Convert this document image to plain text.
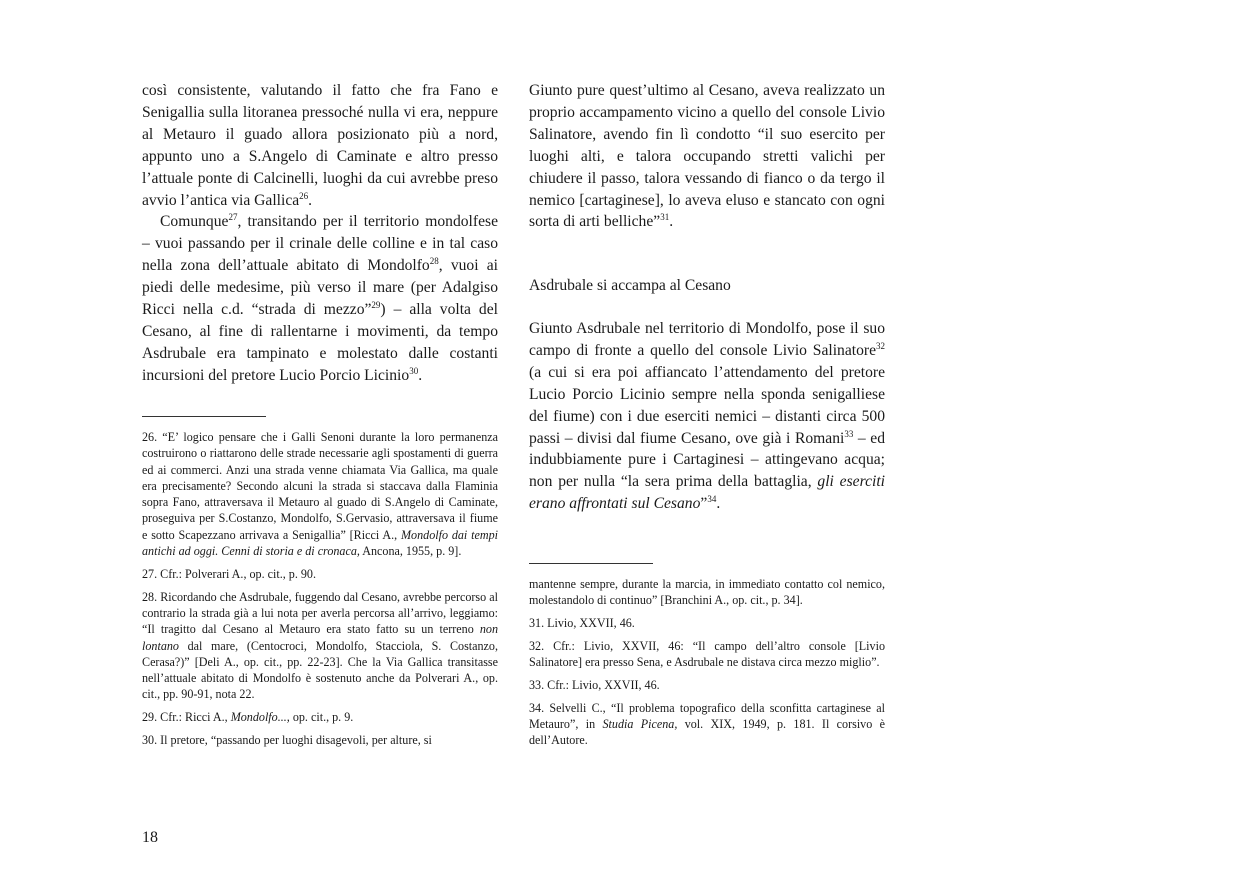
così consistente, valutando il fatto che fra Fano e Senigallia sulla litoranea pressoché nulla vi era, neppure al Metauro il guado allora posizionato più a nord, appunto uno a S.Angelo di Caminate e altro presso l’attuale ponte di Calcinelli, luoghi da cui avrebbe preso avvio l’antica via Gallica$^{26}$.

Comunque$^{27}$, transitando per il territorio mondolfese – vuoi passando per il crinale delle colline e in tal caso nella zona dell’attuale abitato di Mondolfo$^{28}$, vuoi ai piedi delle medesime, più verso il mare (per Adalgiso Ricci nella c.d. “strada di mezzo”$^{29}$) – alla volta del Cesano, al fine di rallentarne i movimenti, da tempo Asdrubale era tampinato e molestato dalle costanti incursioni del pretore Lucio Porcio Licinio$^{30}$.

26. “E’ logico pensare che i Galli Senoni durante la loro permanenza costruirono o riattarono delle strade necessarie agli spostamenti di guerra ed ai commerci. Anzi una strada venne chiamata Via Gallica, ma quale era precisamente? Secondo alcuni la strada si staccava dalla Flaminia sopra Fano, attraversava il Metauro al guado di S.Angelo di Caminate, proseguiva per S.Costanzo, Mondolfo, S.Gervasio, attraversava il fiume e sotto Scapezzano arrivava a Senigallia” [Ricci A., Mondolfo dai tempi antichi ad oggi. Cenni di storia e di cronaca, Ancona, 1955, p. 9].

27. Cfr.: Polverari A., op. cit., p. 90.

28. Ricordando che Asdrubale, fuggendo dal Cesano, avrebbe percorso al contrario la strada già a lui nota per averla percorsa all’arrivo, leggiamo: “Il tragitto dal Cesano al Metauro era stato fatto su un terreno non lontano dal mare, (Centocroci, Mondolfo, Stacciola, S. Costanzo, Cerasa?)” [Deli A., op. cit., pp. 22-23]. Che la Via Gallica transitasse nell’attuale abitato di Mondolfo è sostenuto anche da Polverari A., op. cit., pp. 90-91, nota 22.

29. Cfr.: Ricci A., Mondolfo..., op. cit., p. 9.

30. Il pretore, “passando per luoghi disagevoli, per alture, si

Giunto pure quest’ultimo al Cesano, aveva realizzato un proprio accampamento vicino a quello del console Livio Salinatore, avendo fin lì condotto “il suo esercito per luoghi alti, e talora occupando stretti valichi per chiudere il passo, talora vessando di fianco o da tergo il nemico [cartaginese], lo aveva eluso e stancato con ogni sorta di arti belliche”$^{31}$.

Asdrubale si accampa al Cesano

Giunto Asdrubale nel territorio di Mondolfo, pose il suo campo di fronte a quello del console Livio Salinatore$^{32}$ (a cui si era poi affiancato l’attendamento del pretore Lucio Porcio Licinio sempre nella sponda senigalliese del fiume) con i due eserciti nemici – distanti circa 500 passi – divisi dal fiume Cesano, ove già i Romani$^{33}$ – ed indubbiamente pure i Cartaginesi – attingevano acqua; non per nulla “la sera prima della battaglia, gli eserciti erano affrontati sul Cesano”$^{34}$.

mantenne sempre, durante la marcia, in immediato contatto col nemico, molestandolo di continuo” [Branchini A., op. cit., p. 34].

31. Livio, XXVII, 46.

32. Cfr.: Livio, XXVII, 46: “Il campo dell’altro console [Livio Salinatore] era presso Sena, e Asdrubale ne distava circa mezzo miglio”.

33. Cfr.: Livio, XXVII, 46.

34. Selvelli C., “Il problema topografico della sconfitta cartaginese al Metauro”, in Studia Picena, vol. XIX, 1949, p. 181. Il corsivo è dell’Autore.

18
